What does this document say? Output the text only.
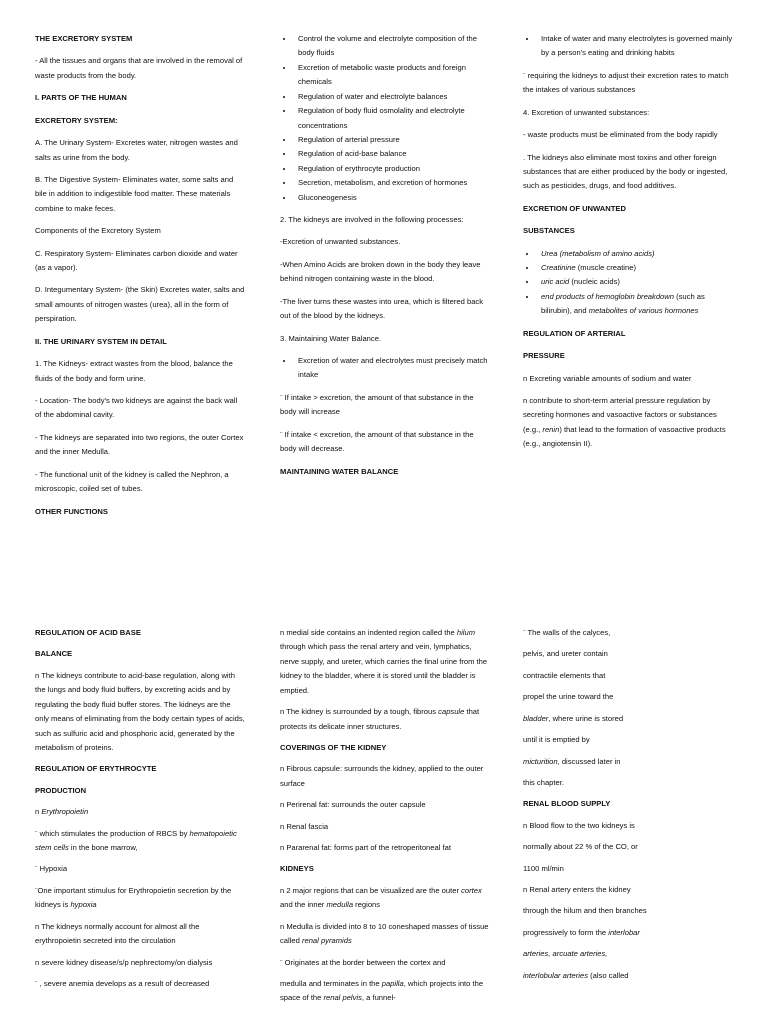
THE EXCRETORY SYSTEM

- All the tissues and organs that are involved in the removal of waste products from the body.

I. PARTS OF THE HUMAN

EXCRETORY SYSTEM:

A. The Urinary System- Excretes water, nitrogen wastes and salts as urine from the body.

B. The Digestive System- Eliminates water, some salts and bile in addition to indigestible food matter. These materials combine to make feces.

Components of the Excretory System

C. Respiratory System- Eliminates carbon dioxide and water (as a vapor).

D. Integumentary System- (the Skin) Excretes water, salts and small amounts of nitrogen wastes (urea), all in the form of perspiration.

II. THE URINARY SYSTEM IN DETAIL

1. The Kidneys- extract wastes from the blood, balance the fluids of the body and form urine.

- Location- The body's two kidneys are against the back wall of the abdominal cavity.

- The kidneys are separated into two regions, the outer Cortex and the inner Medulla.

- The functional unit of the kidney is called the Nephron, a microscopic, coiled set of tubes.

OTHER FUNCTIONS

• Control the volume and electrolyte composition of the body fluids
• Excretion of metabolic waste products and foreign chemicals
• Regulation of water and electrolyte balances
• Regulation of body fluid osmolality and electrolyte concentrations
• Regulation of arterial pressure
• Regulation of acid-base balance
• Regulation of erythrocyte production
• Secretion, metabolism, and excretion of hormones
• Gluconeogenesis

2. The kidneys are involved in the following processes:

-Excretion of unwanted substances.

-When Amino Acids are broken down in the body they leave behind nitrogen containing waste in the blood.

-The liver turns these wastes into urea, which is filtered back out of the blood by the kidneys.

3. Maintaining Water Balance.

• Excretion of water and electrolytes must precisely match intake

¨ If intake > excretion, the amount of that substance in the body will increase

¨ If intake < excretion, the amount of that substance in the body will decrease.

MAINTAINING WATER BALANCE

• Intake of water and many electrolytes is governed mainly by a person's eating and drinking habits

¨ requiring the kidneys to adjust their excretion rates to match the intakes of various substances

4. Excretion of unwanted substances:

- waste products must be eliminated from the body rapidly

. The kidneys also eliminate most toxins and other foreign substances that are either produced by the body or ingested, such as pesticides, drugs, and food additives.

EXCRETION OF UNWANTED

SUBSTANCES

• Urea (metabolism of amino acids)
• Creatinine (muscle creatine)
• uric acid (nucleic acids)
• end products of hemoglobin breakdown (such as bilirubin), and metabolites of various hormones

REGULATION OF ARTERIAL

PRESSURE

n Excreting variable amounts of sodium and water

n contribute to short-term arterial pressure regulation by secreting hormones and vasoactive factors or substances (e.g., renin) that lead to the formation of vasoactive products (e.g., angiotensin II).

REGULATION OF ACID BASE

BALANCE

n The kidneys contribute to acid-base regulation, along with the lungs and body fluid buffers, by excreting acids and by regulating the body fluid buffer stores. The kidneys are the only means of eliminating from the body certain types of acids, such as sulfuric acid and phosphoric acid, generated by the metabolism of proteins.

REGULATION OF ERYTHROCYTE

PRODUCTION

n Erythropoietin

¨ which stimulates the production of RBCS by hematopoietic stem cells in the bone marrow,

¨ Hypoxia

¨One important stimulus for Erythropoietin secretion by the kidneys is hypoxia

n The kidneys normally account for almost all the erythropoietin secreted into the circulation

n severe kidney disease/s/p nephrectomy/on dialysis

¨ , severe anemia develops as a result of decreased

n medial side contains an indented region called the hilum through which pass the renal artery and vein, lymphatics, nerve supply, and ureter, which carries the final urine from the kidney to the bladder, where it is stored until the bladder is emptied.

n The kidney is surrounded by a tough, fibrous capsule that protects its delicate inner structures.

COVERINGS OF THE KIDNEY

n Fibrous capsule: surrounds the kidney, applied to the outer surface

n Perirenal fat: surrounds the outer capsule

n Renal fascia

n Pararenal fat: forms part of the retroperitoneal fat

KIDNEYS

n 2 major regions that can be visualized are the outer cortex and the inner medulla regions

n Medulla is divided into 8 to 10 coneshaped masses of tissue called renal pyramids

¨ Originates at the border between the cortex and

medulla and terminates in the papilla, which projects into the space of the renal pelvis, a funnel-

¨ The walls of the calyces,

pelvis, and ureter contain

contractile elements that

propel the urine toward the

bladder, where urine is stored

until it is emptied by

micturition, discussed later in

this chapter.

RENAL BLOOD SUPPLY

n Blood flow to the two kidneys is

normally about 22 % of the CO, or

1100 ml/min

n Renal artery enters the kidney

through the hilum and then branches

progressively to form the interlobar

arteries, arcuate arteries,

interlobular arteries (also called
